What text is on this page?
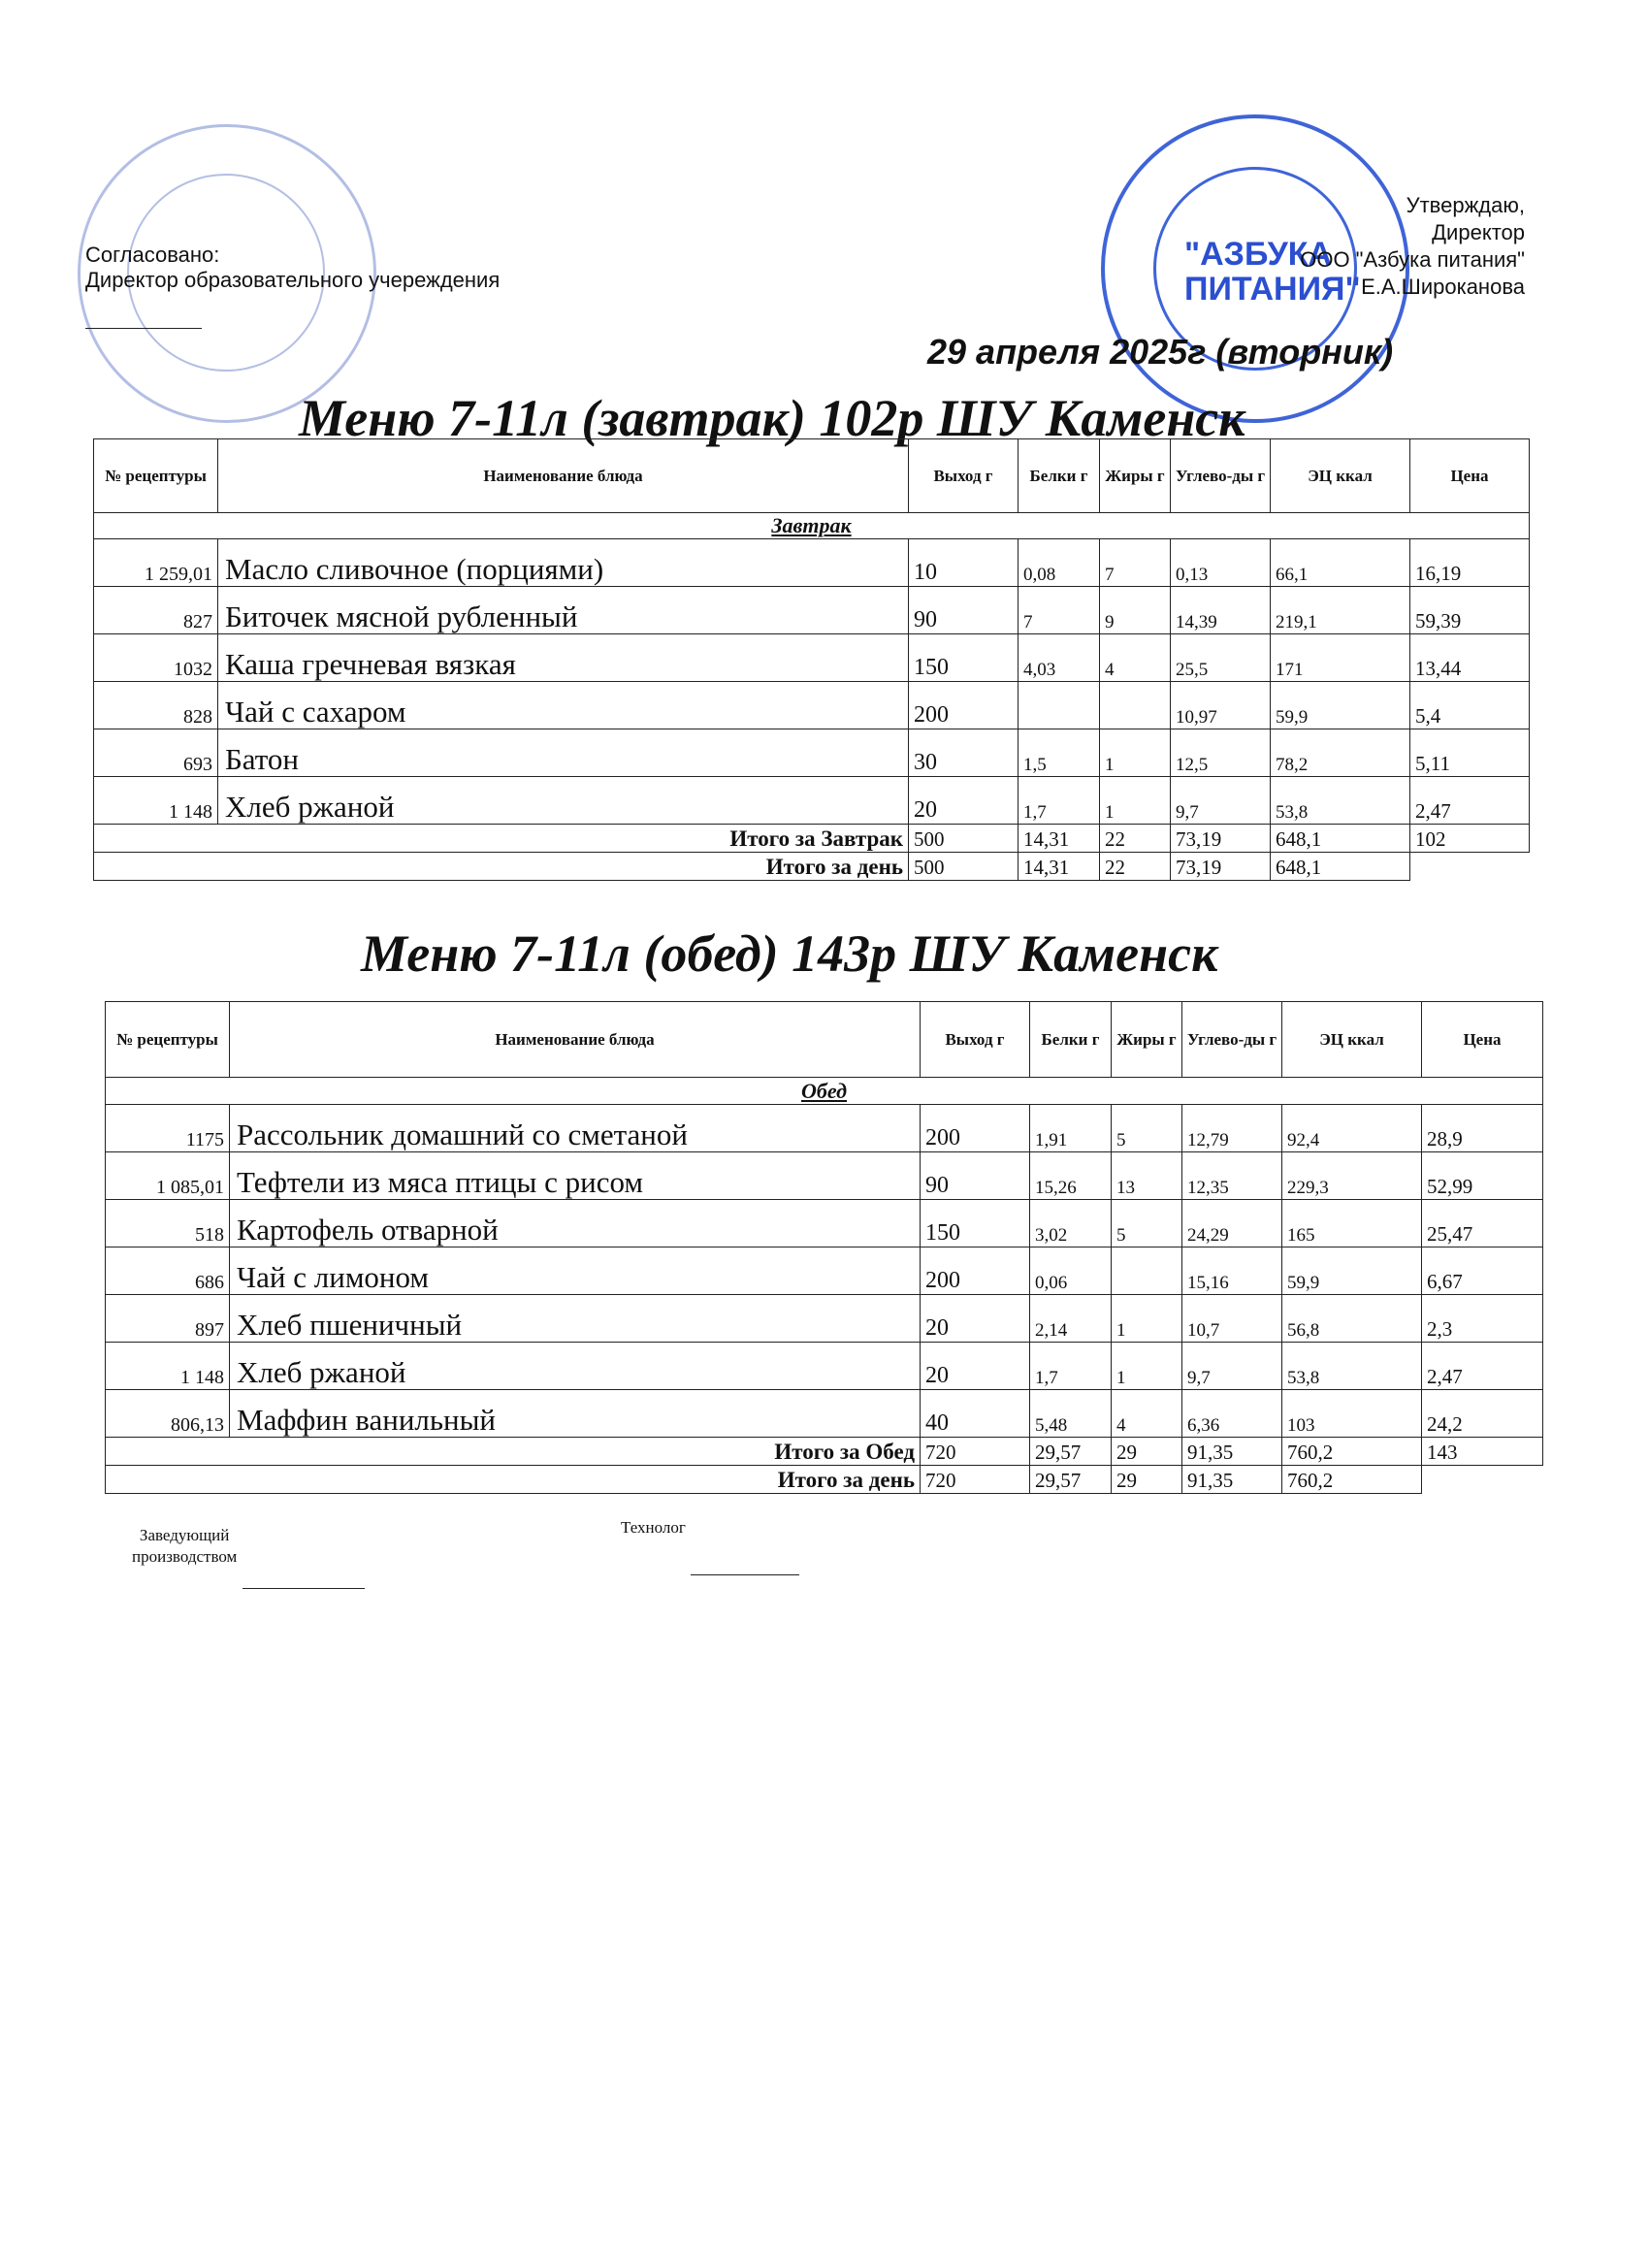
"АЗБУКА
ПИТАНИЯ"
Согласовано:
Директор образовательного учереждения
Утверждаю,
Директор
ООО "Азбука питания"
Е.А.Широканова
29 апреля 2025г (вторник)
Меню 7-11л (завтрак) 102р ШУ Каменск
№ рецептуры	Наименование блюда	Выход г	Белки г	Жиры г	Углево-ды г	ЭЦ ккал	Цена
Завтрак							
1 259,01	Масло сливочное (порциями)	10	0,08	7	0,13	66,1	16,19
827	Биточек мясной рубленный	90	7	9	14,39	219,1	59,39
1032	Каша гречневая вязкая	150	4,03	4	25,5	171	13,44
828	Чай с сахаром	200			10,97	59,9	5,4
693	Батон	30	1,5	1	12,5	78,2	5,11
1 148	Хлеб ржаной	20	1,7	1	9,7	53,8	2,47
Итого за Завтрак		500	14,31	22	73,19	648,1	102
Итого за день		500	14,31	22	73,19	648,1	
Меню 7-11л (обед) 143р ШУ Каменск
№ рецептуры	Наименование блюда	Выход г	Белки г	Жиры г	Углево-ды г	ЭЦ ккал	Цена
Обед							
1175	Рассольник домашний со сметаной	200	1,91	5	12,79	92,4	28,9
1 085,01	Тефтели из мяса птицы с рисом	90	15,26	13	12,35	229,3	52,99
518	Картофель отварной	150	3,02	5	24,29	165	25,47
686	Чай с лимоном	200	0,06		15,16	59,9	6,67
897	Хлеб пшеничный	20	2,14	1	10,7	56,8	2,3
1 148	Хлеб ржаной	20	1,7	1	9,7	53,8	2,47
806,13	Маффин ванильный	40	5,48	4	6,36	103	24,2
Итого за Обед		720	29,57	29	91,35	760,2	143
Итого за день		720	29,57	29	91,35	760,2	
Заведующий
производством
Технолог
